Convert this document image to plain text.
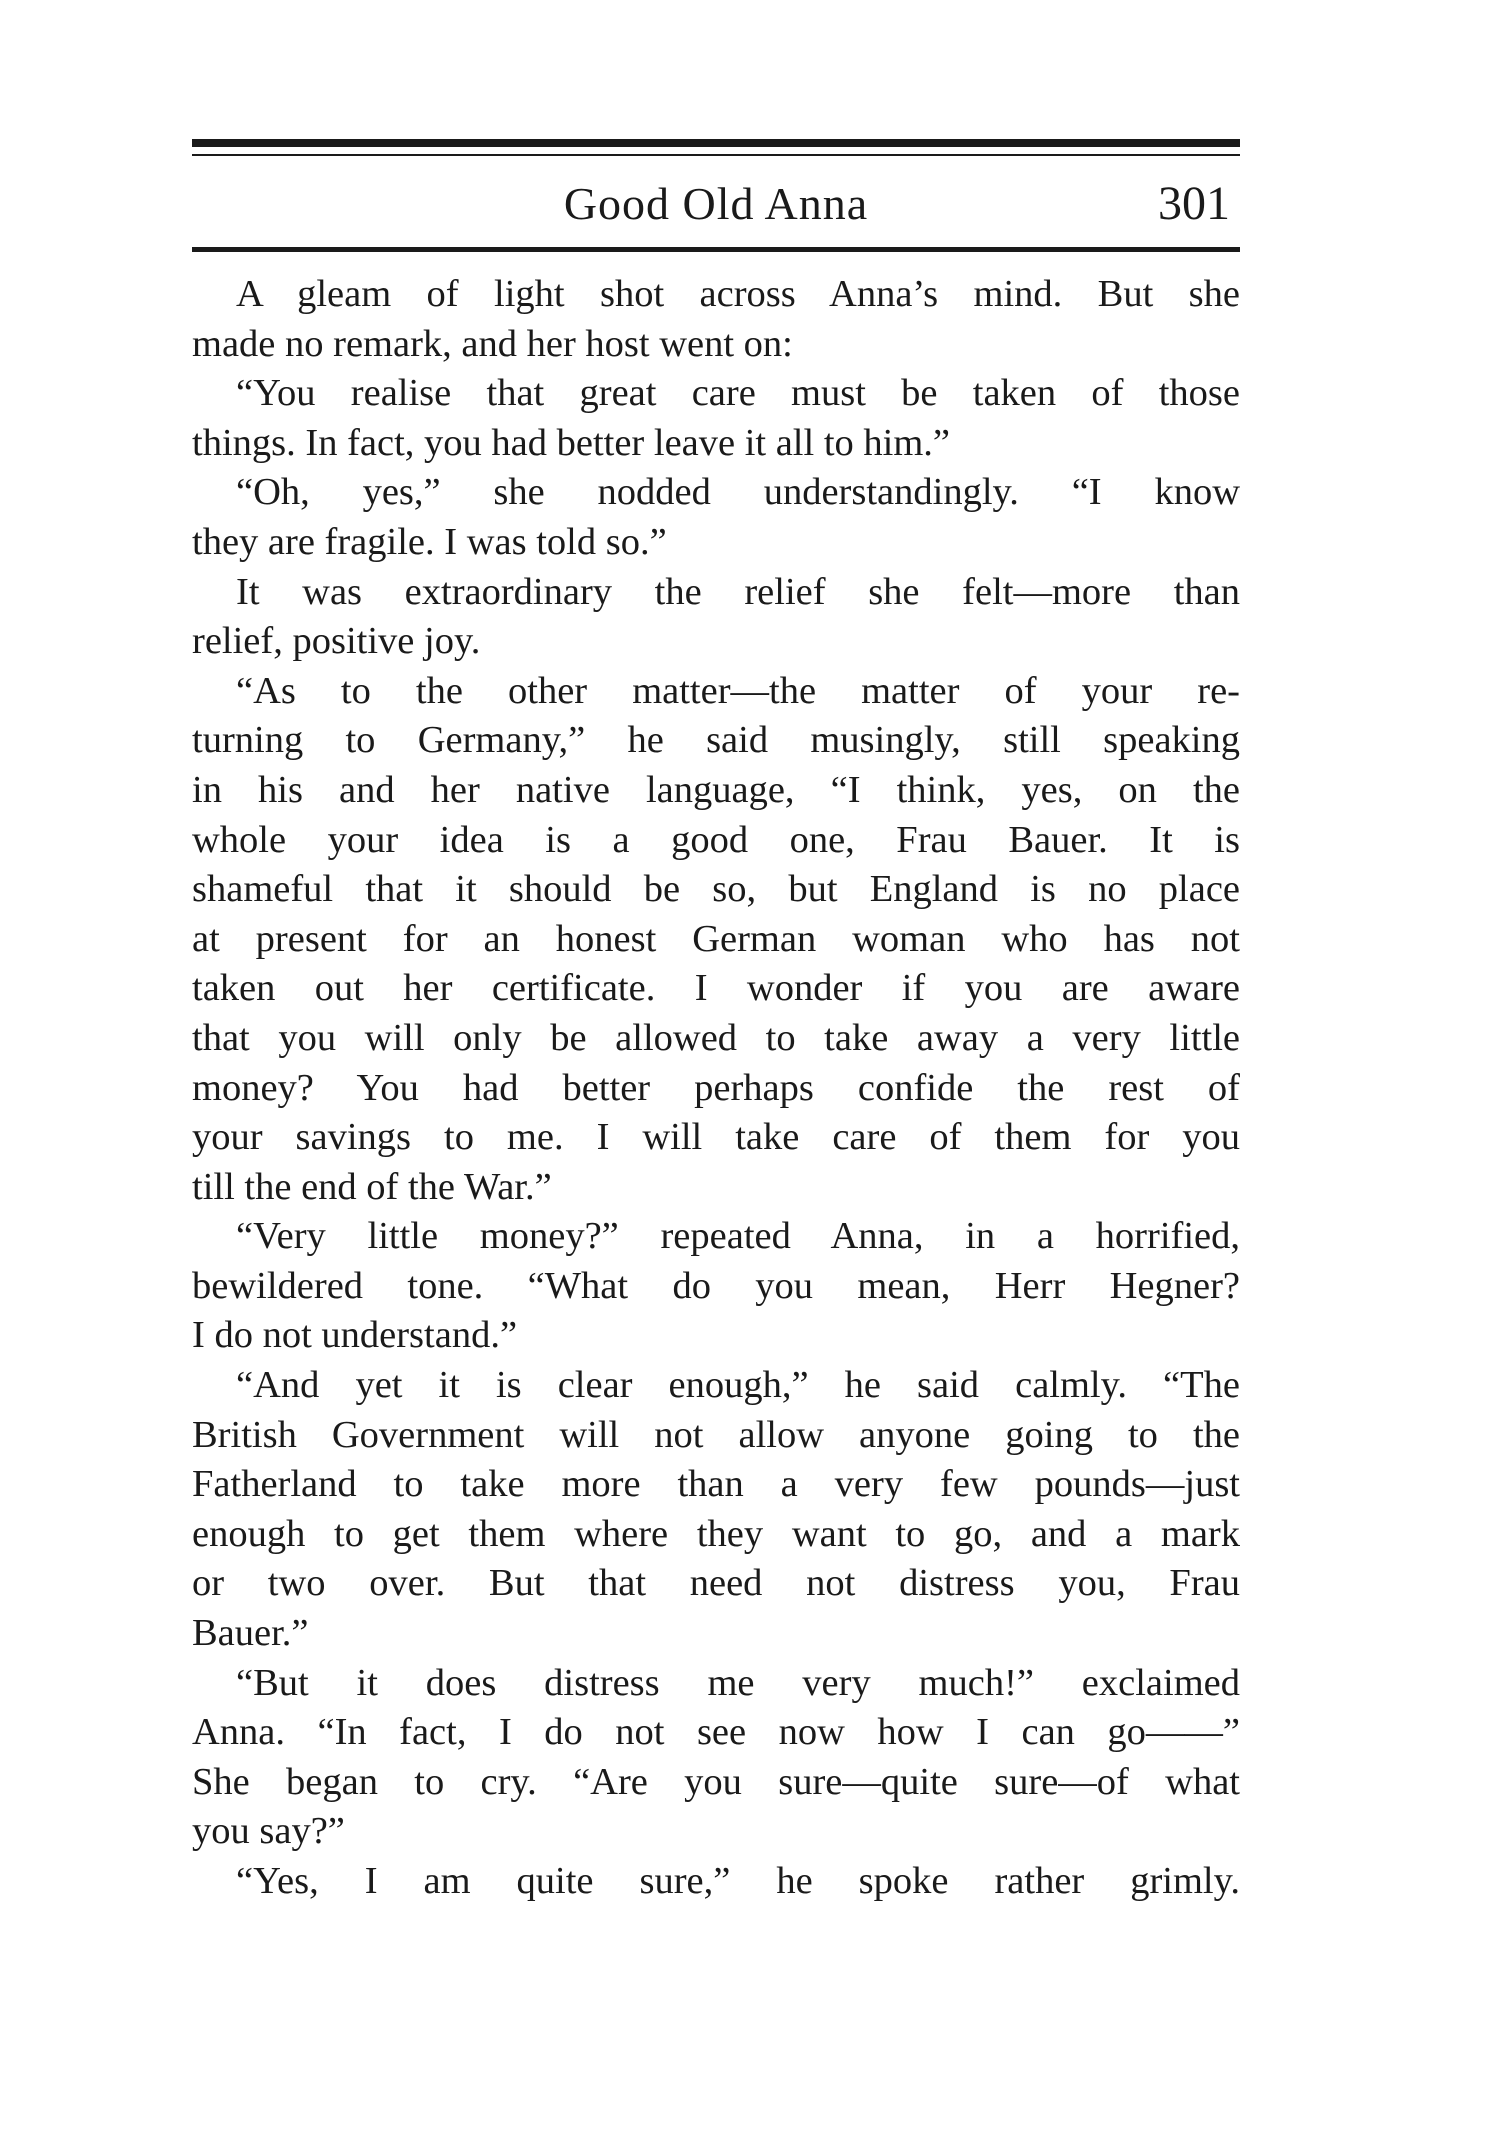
Good Old Anna	301
A gleam of light shot across Anna’s mind. But she
made no remark, and her host went on:
“You realise that great care must be taken of those
things. In fact, you had better leave it all to him.”
“Oh, yes,” she nodded understandingly. “I know
they are fragile. I was told so.”
It was extraordinary the relief she felt—more than
relief, positive joy.
“As to the other matter—the matter of your re-
turning to Germany,” he said musingly, still speaking
in his and her native language, “I think, yes, on the
whole your idea is a good one, Frau Bauer. It is
shameful that it should be so, but England is no place
at present for an honest German woman who has not
taken out her certificate. I wonder if you are aware
that you will only be allowed to take away a very little
money? You had better perhaps confide the rest of
your savings to me. I will take care of them for you
till the end of the War.”
“Very little money?” repeated Anna, in a horrified,
bewildered tone. “What do you mean, Herr Hegner?
I do not understand.”
“And yet it is clear enough,” he said calmly. “The
British Government will not allow anyone going to the
Fatherland to take more than a very few pounds—just
enough to get them where they want to go, and a mark
or two over. But that need not distress you, Frau
Bauer.”
“But it does distress me very much!” exclaimed
Anna. “In fact, I do not see now how I can go——”
She began to cry. “Are you sure—quite sure—of what
you say?”
“Yes, I am quite sure,” he spoke rather grimly.
